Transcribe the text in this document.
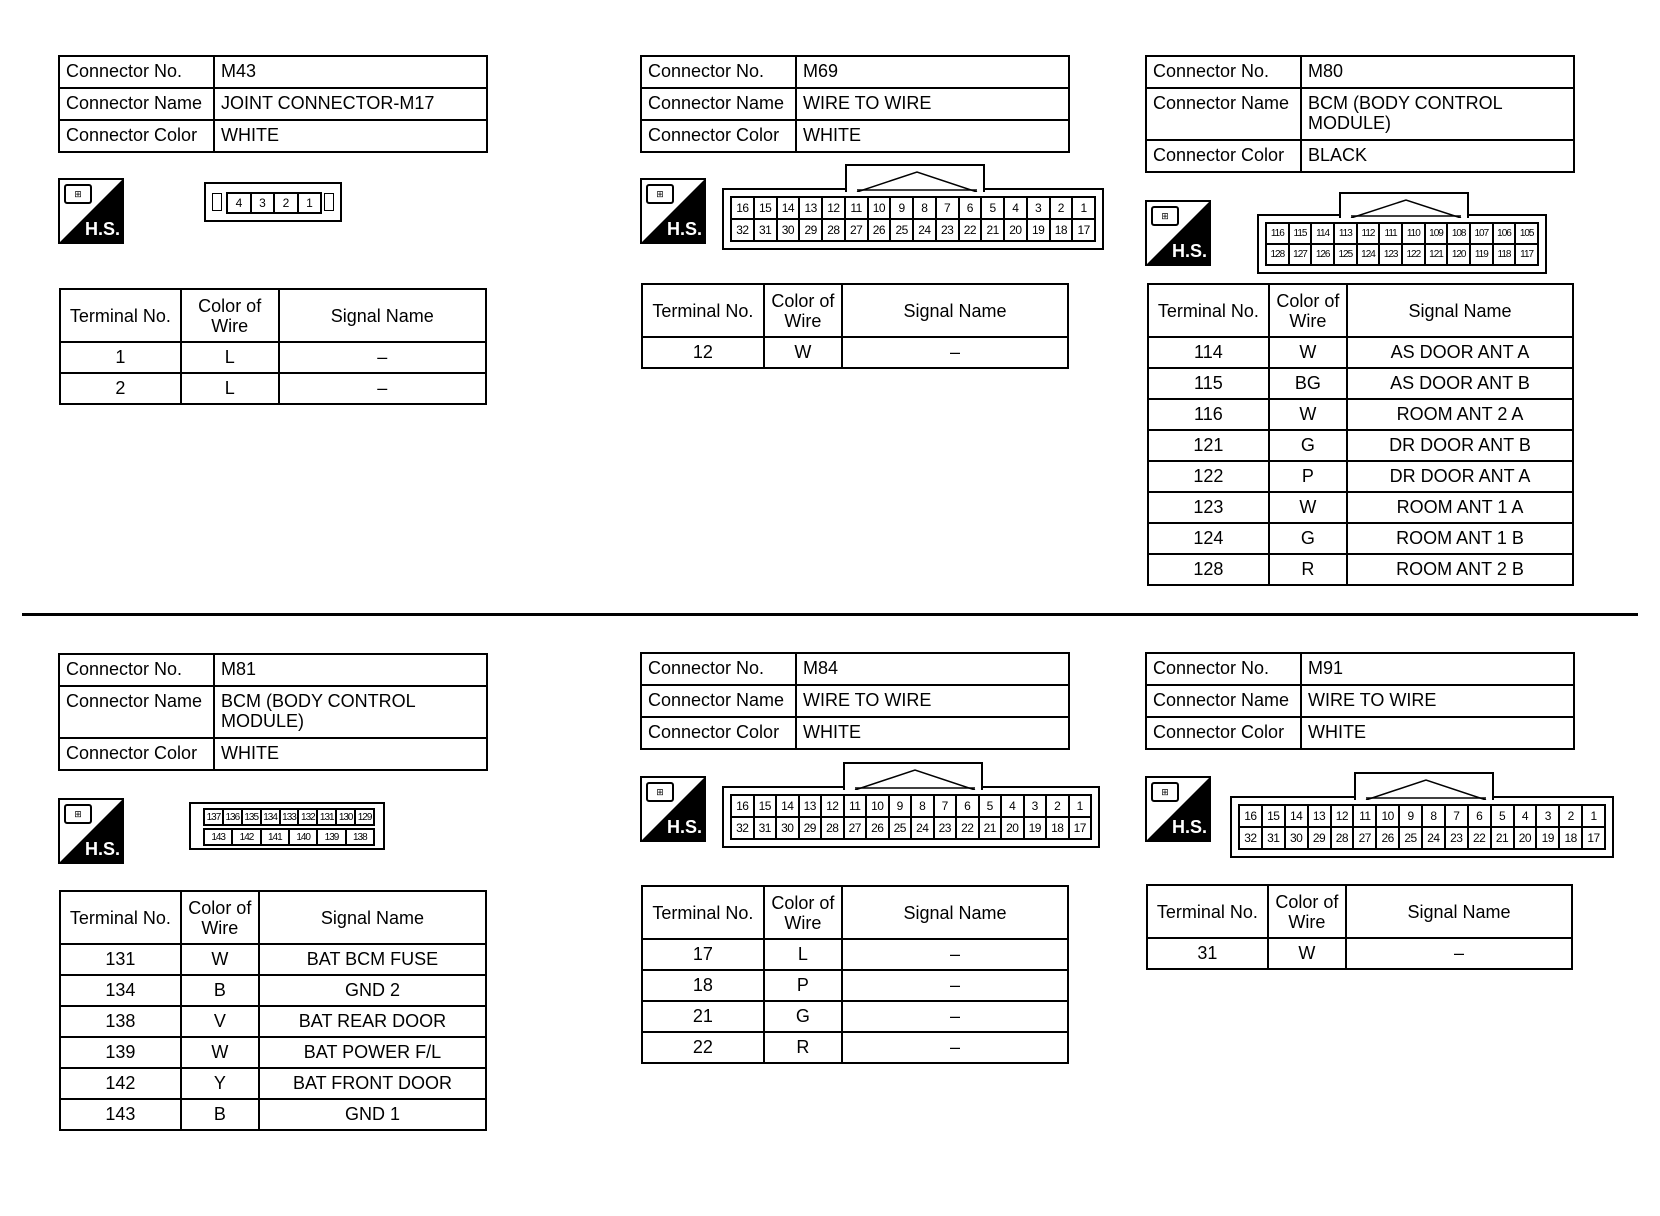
Connector No.	M43
Connector Name	JOINT CONNECTOR-M17
Connector Color	WHITE
⊞
H.S.
4	3	2	1
Terminal No.	Color of Wire	Signal Name
1	L	–
2	L	–
Connector No.	M69
Connector Name	WIRE TO WIRE
Connector Color	WHITE
⊞
H.S.
16 15 14 13 12 11 10	9	8	7	6	5	4	3	2	1
32 31 30 29 28 27 26 25 24 23 22 21 20 19 18 17
Terminal No.	Color of Wire	Signal Name
12	W	–
Connector No.	M80
Connector Name	BCM (BODY CONTROL MODULE)
Connector Color	BLACK
⊞
H.S.
116 115 114 113 112	111	110 109 108 107 106 105
128 127 126 125 124 123 122 121 120 119 118 117
Terminal No.	Color of Wire	Signal Name
114	W	AS DOOR ANT A
115	BG	AS DOOR ANT B
116	W	ROOM ANT 2 A
121	G	DR DOOR ANT B
122	P	DR DOOR ANT A
123	W	ROOM ANT 1 A
124	G	ROOM ANT 1 B
128	R	ROOM ANT 2 B
Connector No.	M81
Connector Name	BCM (BODY CONTROL MODULE)
Connector Color	WHITE
⊞
H.S.
137 136 135 134 133 132 131 130 129
143	142	141	140	139	138
Terminal No.	Color of Wire	Signal Name
131	W	BAT BCM FUSE
134	B	GND 2
138	V	BAT REAR DOOR
139	W	BAT POWER F/L
142	Y	BAT FRONT DOOR
143	B	GND 1
Connector No.	M84
Connector Name	WIRE TO WIRE
Connector Color	WHITE
⊞
H.S.
16 15 14 13 12 11 10	9	8	7	6	5	4	3	2	1
32 31 30 29 28 27 26 25 24 23 22 21 20 19 18 17
Terminal No.	Color of Wire	Signal Name
17	L	–
18	P	–
21	G	–
22	R	–
Connector No.	M91
Connector Name	WIRE TO WIRE
Connector Color	WHITE
⊞
H.S.
16 15 14 13 12 11 10	9	8	7	6	5	4	3	2	1
32 31 30 29 28 27 26 25 24 23 22 21 20 19 18 17
Terminal No.	Color of Wire	Signal Name
31	W	–
